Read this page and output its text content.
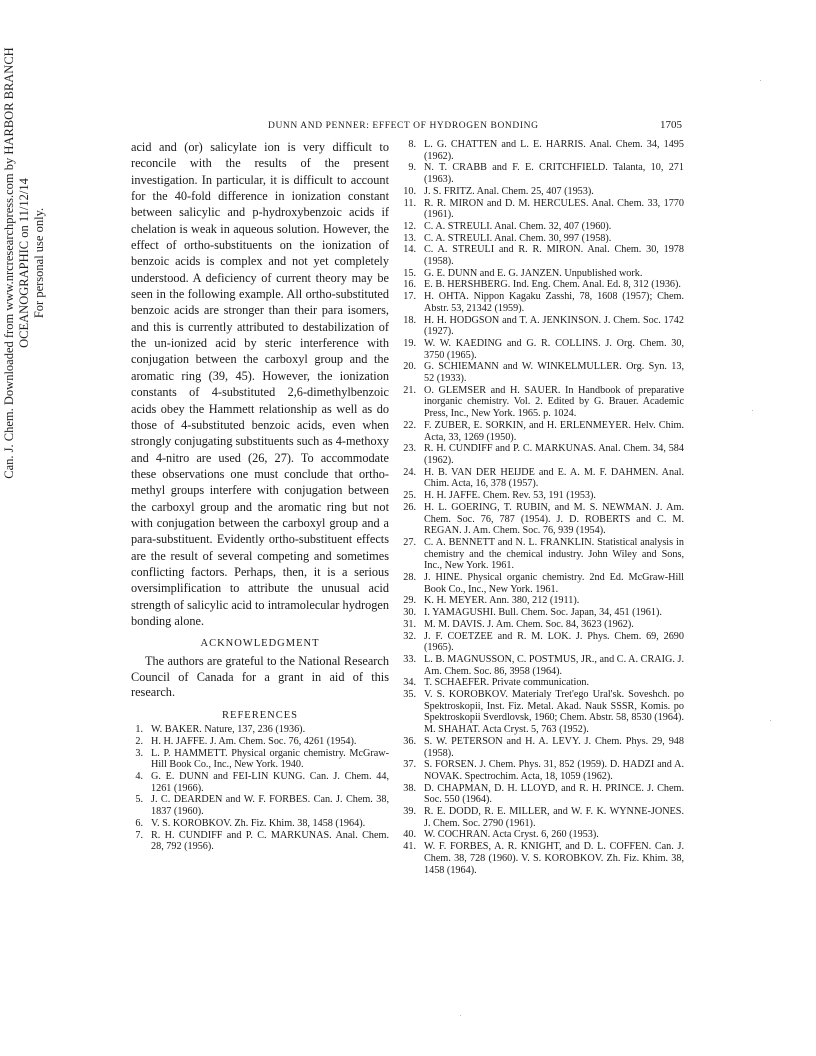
Can. J. Chem. Downloaded from www.nrcresearchpress.com by HARBOR BRANCH OCEANOGRAPHIC on 11/12/14 For personal use only.
DUNN AND PENNER: EFFECT OF HYDROGEN BONDING	1705

acid and (or) salicylate ion is very difficult to reconcile with the results of the present investigation. In particular, it is difficult to account for the 40-fold difference in ionization constant between salicylic and p-hydroxybenzoic acids if chelation is weak in aqueous solution. However, the effect of ortho-substituents on the ionization of benzoic acids is complex and not yet completely understood. A deficiency of current theory may be seen in the following example. All ortho-substituted benzoic acids are stronger than their para isomers, and this is currently attributed to destabilization of the un-ionized acid by steric interference with conjugation between the carboxyl group and the aromatic ring (39, 45). However, the ionization constants of 4-substituted 2,6-dimethylbenzoic acids obey the Hammett relationship as well as do those of 4-substituted benzoic acids, even when strongly conjugating substituents such as 4-methoxy and 4-nitro are used (26, 27). To accommodate these observations one must conclude that ortho-methyl groups interfere with conjugation between the carboxyl group and the aromatic ring but not with conjugation between the carboxyl group and a para-substituent. Evidently ortho-substituent effects are the result of several competing and sometimes conflicting factors. Perhaps, then, it is a serious oversimplification to attribute the unusual acid strength of salicylic acid to intramolecular hydrogen bonding alone.

ACKNOWLEDGMENT

The authors are grateful to the National Research Council of Canada for a grant in aid of this research.

REFERENCES
1. W. BAKER. Nature, 137, 236 (1936).
2. H. H. JAFFE. J. Am. Chem. Soc. 76, 4261 (1954).
3. L. P. HAMMETT. Physical organic chemistry. McGraw-Hill Book Co., Inc., New York. 1940.
4. G. E. DUNN and FEI-LIN KUNG. Can. J. Chem. 44, 1261 (1966).
5. J. C. DEARDEN and W. F. FORBES. Can. J. Chem. 38, 1837 (1960).
6. V. S. KOROBKOV. Zh. Fiz. Khim. 38, 1458 (1964).
7. R. H. CUNDIFF and P. C. MARKUNAS. Anal. Chem. 28, 792 (1956).
8. L. G. CHATTEN and L. E. HARRIS. Anal. Chem. 34, 1495 (1962).
9. N. T. CRABB and F. E. CRITCHFIELD. Talanta, 10, 271 (1963).
10. J. S. FRITZ. Anal. Chem. 25, 407 (1953).
11. R. R. MIRON and D. M. HERCULES. Anal. Chem. 33, 1770 (1961).
12. C. A. STREULI. Anal. Chem. 32, 407 (1960).
13. C. A. STREULI. Anal. Chem. 30, 997 (1958).
14. C. A. STREULI and R. R. MIRON. Anal. Chem. 30, 1978 (1958).
15. G. E. DUNN and E. G. JANZEN. Unpublished work.
16. E. B. HERSHBERG. Ind. Eng. Chem. Anal. Ed. 8, 312 (1936).
17. H. OHTA. Nippon Kagaku Zasshi, 78, 1608 (1957); Chem. Abstr. 53, 21342 (1959).
18. H. H. HODGSON and T. A. JENKINSON. J. Chem. Soc. 1742 (1927).
19. W. W. KAEDING and G. R. COLLINS. J. Org. Chem. 30, 3750 (1965).
20. G. SCHIEMANN and W. WINKELMULLER. Org. Syn. 13, 52 (1933).
21. O. GLEMSER and H. SAUER. In Handbook of preparative inorganic chemistry. Vol. 2. Edited by G. Brauer. Academic Press, Inc., New York. 1965. p. 1024.
22. F. ZUBER, E. SORKIN, and H. ERLENMEYER. Helv. Chim. Acta, 33, 1269 (1950).
23. R. H. CUNDIFF and P. C. MARKUNAS. Anal. Chem. 34, 584 (1962).
24. H. B. VAN DER HEIJDE and E. A. M. F. DAHMEN. Anal. Chim. Acta, 16, 378 (1957).
25. H. H. JAFFE. Chem. Rev. 53, 191 (1953).
26. H. L. GOERING, T. RUBIN, and M. S. NEWMAN. J. Am. Chem. Soc. 76, 787 (1954). J. D. ROBERTS and C. M. REGAN. J. Am. Chem. Soc. 76, 939 (1954).
27. C. A. BENNETT and N. L. FRANKLIN. Statistical analysis in chemistry and the chemical industry. John Wiley and Sons, Inc., New York. 1961.
28. J. HINE. Physical organic chemistry. 2nd Ed. McGraw-Hill Book Co., Inc., New York. 1961.
29. K. H. MEYER. Ann. 380, 212 (1911).
30. I. YAMAGUSHI. Bull. Chem. Soc. Japan, 34, 451 (1961).
31. M. M. DAVIS. J. Am. Chem. Soc. 84, 3623 (1962).
32. J. F. COETZEE and R. M. LOK. J. Phys. Chem. 69, 2690 (1965).
33. L. B. MAGNUSSON, C. POSTMUS, JR., and C. A. CRAIG. J. Am. Chem. Soc. 86, 3958 (1964).
34. T. SCHAEFER. Private communication.
35. V. S. KOROBKOV. Materialy Tret'ego Ural'sk. Soveshch. po Spektroskopii, Inst. Fiz. Metal. Akad. Nauk SSSR, Komis. po Spektroskopii Sverdlovsk, 1960; Chem. Abstr. 58, 8530 (1964). M. SHAHAT. Acta Cryst. 5, 763 (1952).
36. S. W. PETERSON and H. A. LEVY. J. Chem. Phys. 29, 948 (1958).
37. S. FORSEN. J. Chem. Phys. 31, 852 (1959). D. HADZI and A. NOVAK. Spectrochim. Acta, 18, 1059 (1962).
38. D. CHAPMAN, D. H. LLOYD, and R. H. PRINCE. J. Chem. Soc. 550 (1964).
39. R. E. DODD, R. E. MILLER, and W. F. K. WYNNE-JONES. J. Chem. Soc. 2790 (1961).
40. W. COCHRAN. Acta Cryst. 6, 260 (1953).
41. W. F. FORBES, A. R. KNIGHT, and D. L. COFFEN. Can. J. Chem. 38, 728 (1960). V. S. KOROBKOV. Zh. Fiz. Khim. 38, 1458 (1964).
